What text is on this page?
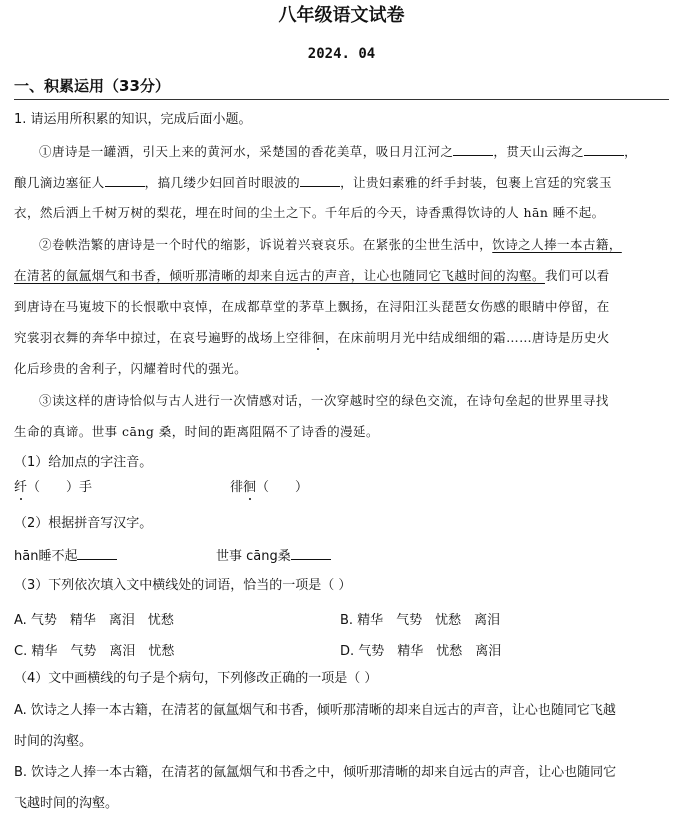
八年级语文试卷
2024. 04
一、积累运用（33分）
1. 请运用所积累的知识，完成后面小题。
①唐诗是一罐酒，引天上来的黄河水，采楚国的香花美草，吸日月江河之	，贯天山云海之	，
酿几滴边塞征人	，搞几缕少妇回首时眼波的	，让贵妇素雅的纤手封装，包裹上宫廷的究裳玉
衣，然后洒上千树万树的梨花，埋在时间的尘土之下。千年后的今天，诗香熏得饮诗的人 hān 睡不起。
②卷帙浩繁的唐诗是一个时代的缩影，诉说着兴衰哀乐。在紧张的尘世生活中，饮诗之人捧一本古籍，
在清茗的氤氲烟气和书香，倾听那清晰的却来自远古的声音，让心也随同它飞越时间的沟壑。我们可以看
到唐诗在马嵬坡下的长恨歌中哀悼，在成都草堂的茅草上飘扬，在浔阳江头琵琶女伤感的眼睛中停留，在
究裳羽衣舞的奔华中掠过，在哀号遍野的战场上空徘徊，在床前明月光中结成细细的霜……唐诗是历史火
化后珍贵的舍利子，闪耀着时代的强光。
③读这样的唐诗恰似与古人进行一次情感对话，一次穿越时空的绿色交流，在诗句垒起的世界里寻找
生命的真谛。世事 cāng 桑，时间的距离阻隔不了诗香的漫延。
（1）给加点的字注音。
纤（　　）手	徘徊（　　）
（2）根据拼音写汉字。
hān睡不起	世事 cāng桑
（3）下列依次填入文中横线处的词语，恰当的一项是（ ）
A. 气势　精华　离泪　忧愁	B. 精华　气势　忧愁　离泪
C. 精华　气势　离泪　忧愁	D. 气势　精华　忧愁　离泪
（4）文中画横线的句子是个病句，下列修改正确的一项是（ ）
A. 饮诗之人捧一本古籍，在清茗的氤氲烟气和书香，倾听那清晰的却来自远古的声音，让心也随同它飞越
时间的沟壑。
B. 饮诗之人捧一本古籍，在清茗的氤氲烟气和书香之中，倾听那清晰的却来自远古的声音，让心也随同它
飞越时间的沟壑。
